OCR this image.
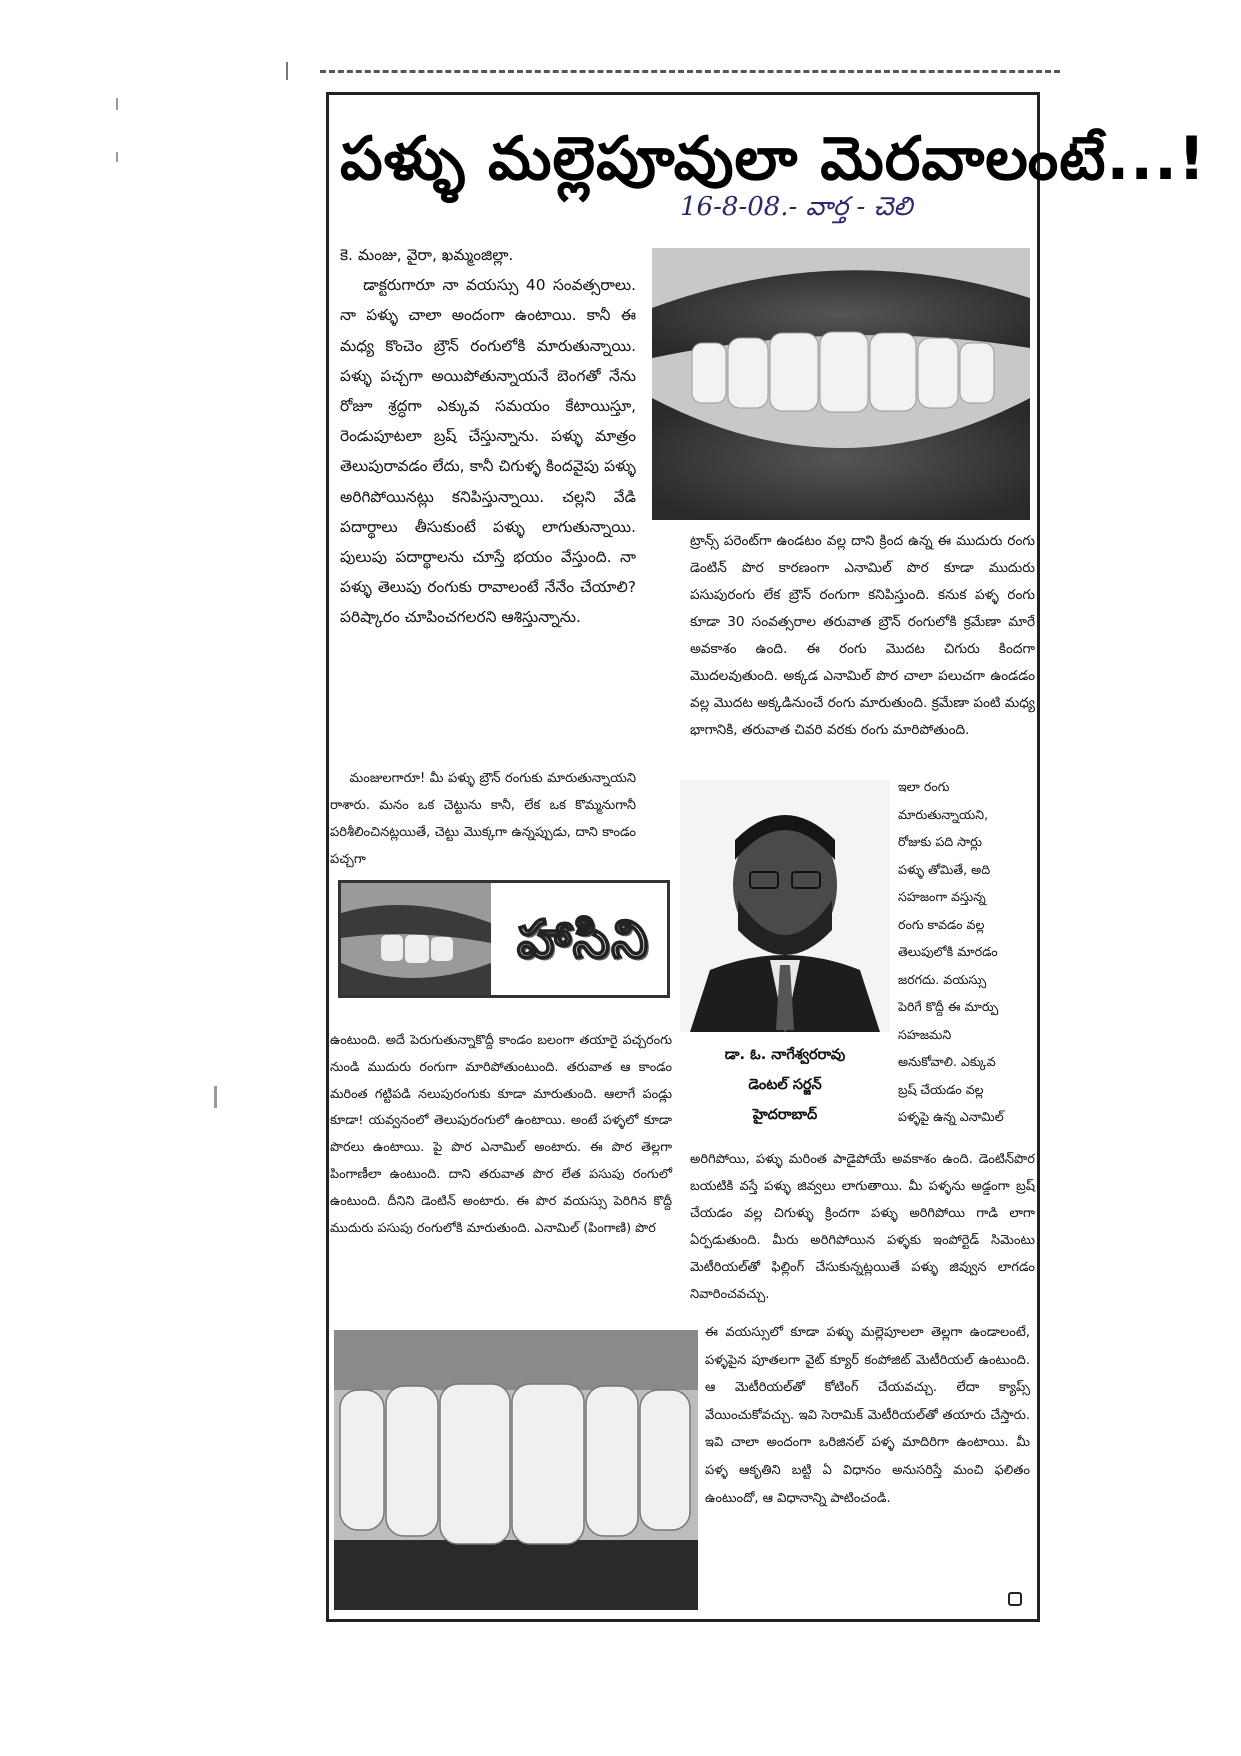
పళ్ళు మల్లెపూవులా మెరవాలంటే...!
16-8-08.- వార్త - చెలి

కె. మంజు, వైరా, ఖమ్మంజిల్లా.

డాక్టరుగారూ నా వయస్సు 40 సంవత్సరాలు. నా పళ్ళు చాలా అందంగా ఉంటాయి. కానీ ఈ మధ్య కొంచెం బ్రౌన్ రంగులోకి మారుతున్నాయి. పళ్ళు పచ్చగా అయిపోతున్నాయనే బెంగతో నేను రోజూ శ్రద్ధగా ఎక్కువ సమయం కేటాయిస్తూ, రెండుపూటలా బ్రష్ చేస్తున్నాను. పళ్ళు మాత్రం తెలుపురావడం లేదు, కానీ చిగుళ్ళ కిందవైపు పళ్ళు అరిగిపోయినట్లు కనిపిస్తున్నాయి. చల్లని వేడి పదార్థాలు తీసుకుంటే పళ్ళు లాగుతున్నాయి. పులుపు పదార్థాలను చూస్తే భయం వేస్తుంది. నా పళ్ళు తెలుపు రంగుకు రావాలంటే నేనేం చేయాలి? పరిష్కారం చూపించగలరని ఆశిస్తున్నాను.

మంజులగారూ! మీ పళ్ళు బ్రౌన్ రంగుకు మారుతున్నాయని రాశారు. మనం ఒక చెట్టును కానీ, లేక ఒక కొమ్మనుగానీ పరిశీలించినట్లయితే, చెట్టు మొక్కగా ఉన్నప్పుడు, దాని కాండం పచ్చగా
ట్రాన్స్ పరెంట్‌గా ఉండటం వల్ల దాని క్రింద ఉన్న ఈ ముదురు రంగు డెంటిన్ పొర కారణంగా ఎనామిల్ పొర కూడా ముదురు పసుపురంగు లేక బ్రౌన్ రంగుగా కనిపిస్తుంది. కనుక పళ్ళ రంగు కూడా 30 సంవత్సరాల తరువాత బ్రౌన్ రంగులోకి క్రమేణా మారే అవకాశం ఉంది. ఈ రంగు మొదట చిగురు కిందగా మొదలవుతుంది. అక్కడ ఎనామిల్ పొర చాలా పలుచగా ఉండడం వల్ల మొదట అక్కడినుంచే రంగు మారుతుంది. క్రమేణా పంటి మధ్య భాగానికి, తరువాత చివరి వరకు రంగు మారిపోతుంది.
హాసిని
ఇలా రంగు మారుతున్నాయని, రోజుకు పది సార్లు పళ్ళు తోమితే, అది సహజంగా వస్తున్న రంగు కావడం వల్ల తెలుపులోకి మారడం జరగదు. వయస్సు పెరిగే కొద్దీ ఈ మార్పు సహజమని అనుకోవాలి. ఎక్కువ బ్రష్ చేయడం వల్ల పళ్ళపై ఉన్న ఎనామిల్
డా. ఓ. నాగేశ్వరరావు
డెంటల్ సర్జన్
హైదరాబాద్
ఉంటుంది. అదే పెరుగుతున్నాకొద్దీ కాండం బలంగా తయారై పచ్చరంగు నుండి ముదురు రంగుగా మారిపోతుంటుంది. తరువాత ఆ కాండం మరింత గట్టిపడి నలుపురంగుకు కూడా మారుతుంది. ఆలాగే పండ్లు కూడా! యవ్వనంలో తెలుపురంగులో ఉంటాయి. అంటే పళ్ళలో కూడా పొరలు ఉంటాయి. పై పొర ఎనామిల్ అంటారు. ఈ పొర తెల్లగా పింగాణీలా ఉంటుంది. దాని తరువాత పొర లేత పసుపు రంగులో ఉంటుంది. దీనిని డెంటిన్ అంటారు. ఈ పొర వయస్సు పెరిగిన కొద్దీ ముదురు పసుపు రంగులోకి మారుతుంది. ఎనామిల్ (పింగాణి) పొర
అరిగిపోయి, పళ్ళు మరింత పాడైపోయే అవకాశం ఉంది. డెంటిన్‌పొర బయటికి వస్తే పళ్ళు జివ్వలు లాగుతాయి. మీ పళ్ళను అడ్డంగా బ్రష్ చేయడం వల్ల చిగుళ్ళు క్రిందగా పళ్ళు అరిగిపోయి గాడి లాగా ఏర్పడుతుంది. మీరు అరిగిపోయిన పళ్ళకు ఇంపోర్టెడ్ సిమెంటు మెటీరియల్‌తో ఫిల్లింగ్ చేసుకున్నట్లయితే పళ్ళు జివ్వున లాగడం నివారించవచ్చు.
ఈ వయస్సులో కూడా పళ్ళు మల్లెపూలలా తెల్లగా ఉండాలంటే, పళ్ళపైన పూతలగా వైట్ క్యూర్ కంపోజిట్ మెటీరియల్ ఉంటుంది. ఆ మెటీరియల్‌తో కోటింగ్ చేయవచ్చు. లేదా క్యాప్స్ వేయించుకోవచ్చు. ఇవి సెరామిక్ మెటీరియల్‌తో తయారు చేస్తారు. ఇవి చాలా అందంగా ఒరిజినల్ పళ్ళ మాదిరిగా ఉంటాయి. మీ పళ్ళ ఆకృతిని బట్టి ఏ విధానం అనుసరిస్తే మంచి ఫలితం ఉంటుందో, ఆ విధానాన్ని పాటించండి.
